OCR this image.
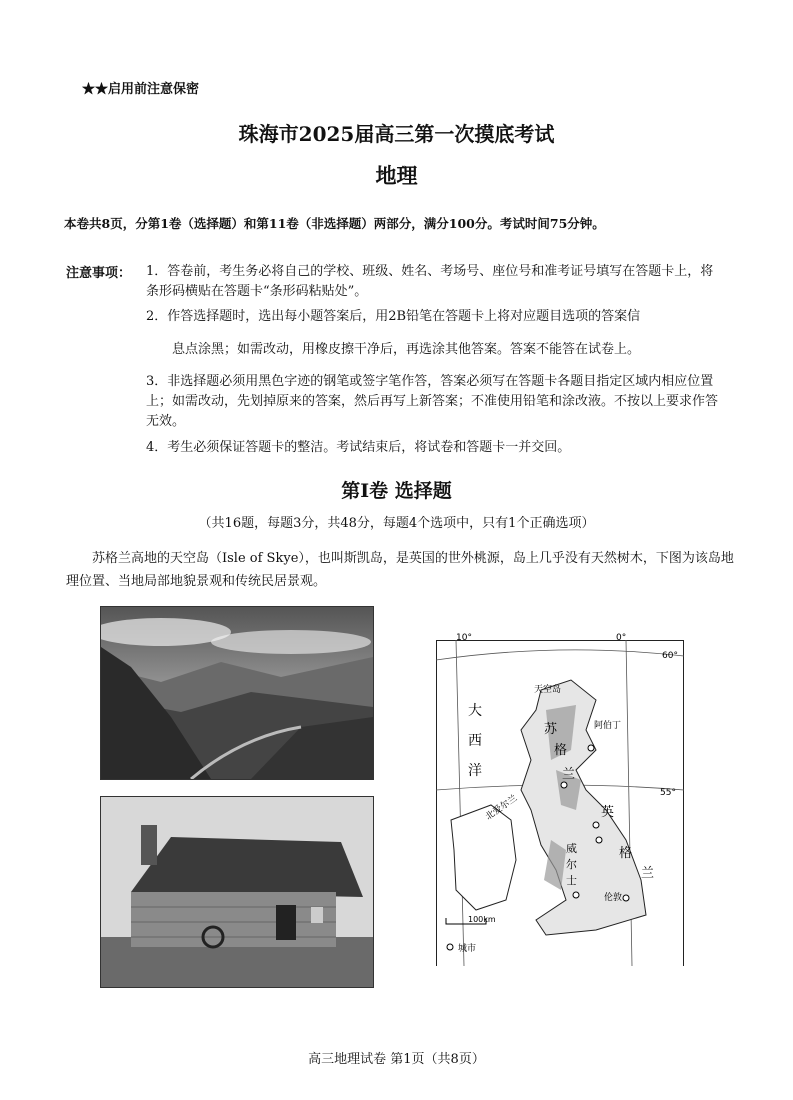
★★启用前注意保密
珠海市2025届高三第一次摸底考试
地理
本卷共8页，分第1卷（选择题）和第11卷（非选择题）两部分，满分100分。考试时间75分钟。
注意事项： 1．答卷前，考生务必将自己的学校、班级、姓名、考场号、座位号和准考证号填写在答题卡上，将条形码横贴在答题卡“条形码粘贴处”。
2．作答选择题时，选出每小题答案后，用2B铅笔在答题卡上将对应题目选项的答案信
息点涂黑；如需改动，用橡皮擦干净后，再选涂其他答案。答案不能答在试卷上。
3．非选择题必须用黑色字迹的钢笔或签字笔作答，答案必须写在答题卡各题目指定区域内相应位置上；如需改动，先划掉原来的答案，然后再写上新答案；不准使用铅笔和涂改液。不按以上要求作答无效。
4．考生必须保证答题卡的整洁。考试结束后，将试卷和答题卡一并交回。
第I卷 选择题
（共16题，每题3分，共48分，每题4个选项中，只有1个正确选项）
苏格兰高地的天空岛（Isle of Skye），也叫斯凯岛，是英国的世外桃源，岛上几乎没有天然树木，下图为该岛地理位置、当地局部地貌景观和传统民居景观。
10°	0°
60°
55°
大
西
洋
天空岛
苏
格
兰
阿伯丁
英
格
兰
威
尔
士
北爱尔兰
伦敦
100km
城市
高三地理试卷 第1页（共8页）
